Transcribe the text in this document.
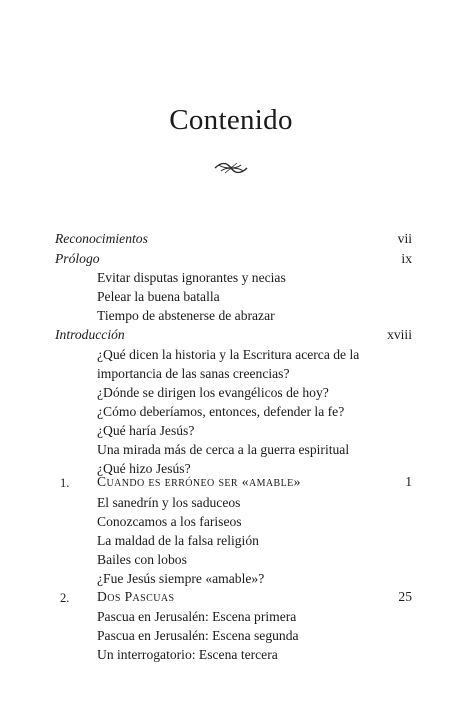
Contenido
Reconocimientos	vii
Prólogo	ix
Evitar disputas ignorantes y necias
Pelear la buena batalla
Tiempo de abstenerse de abrazar
Introducción	xviii
¿Qué dicen la historia y la Escritura acerca de la
importancia de las sanas creencias?
¿Dónde se dirigen los evangélicos de hoy?
¿Cómo deberíamos, entonces, defender la fe?
¿Qué haría Jesús?
Una mirada más de cerca a la guerra espiritual
¿Qué hizo Jesús?
1. Cuando es erróneo ser «amable»	1
El sanedrín y los saduceos
Conozcamos a los fariseos
La maldad de la falsa religión
Bailes con lobos
¿Fue Jesús siempre «amable»?
2. Dos Pascuas	25
Pascua en Jerusalén: Escena primera
Pascua en Jerusalén: Escena segunda
Un interrogatorio: Escena tercera
